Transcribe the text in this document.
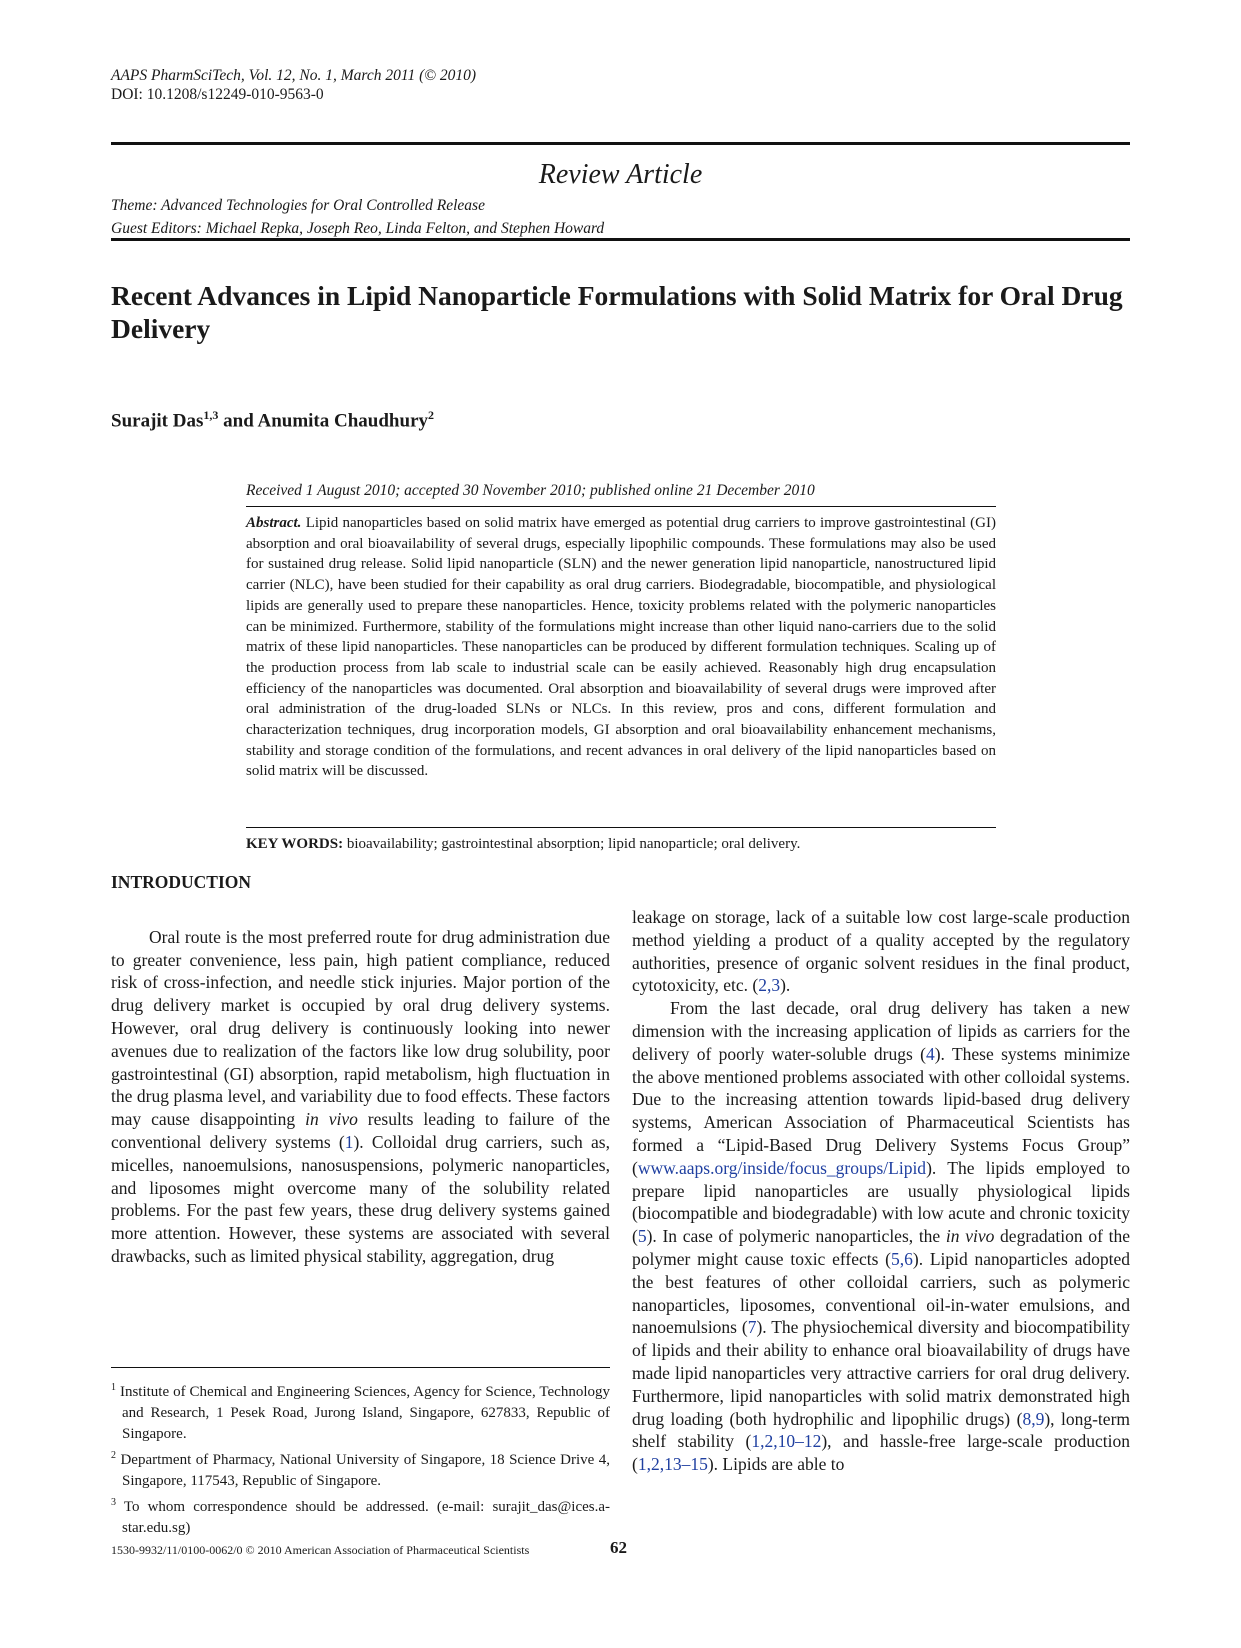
AAPS PharmSciTech, Vol. 12, No. 1, March 2011 (© 2010)
DOI: 10.1208/s12249-010-9563-0
Review Article
Theme: Advanced Technologies for Oral Controlled Release
Guest Editors: Michael Repka, Joseph Reo, Linda Felton, and Stephen Howard
Recent Advances in Lipid Nanoparticle Formulations with Solid Matrix for Oral Drug Delivery
Surajit Das$^{1,3}$ and Anumita Chaudhury$^2$
Received 1 August 2010; accepted 30 November 2010; published online 21 December 2010
Abstract. Lipid nanoparticles based on solid matrix have emerged as potential drug carriers to improve gastrointestinal (GI) absorption and oral bioavailability of several drugs, especially lipophilic compounds. These formulations may also be used for sustained drug release. Solid lipid nanoparticle (SLN) and the newer generation lipid nanoparticle, nanostructured lipid carrier (NLC), have been studied for their capability as oral drug carriers. Biodegradable, biocompatible, and physiological lipids are generally used to prepare these nanoparticles. Hence, toxicity problems related with the polymeric nanoparticles can be minimized. Furthermore, stability of the formulations might increase than other liquid nano-carriers due to the solid matrix of these lipid nanoparticles. These nanoparticles can be produced by different formulation techniques. Scaling up of the production process from lab scale to industrial scale can be easily achieved. Reasonably high drug encapsulation efficiency of the nanoparticles was documented. Oral absorption and bioavailability of several drugs were improved after oral administration of the drug-loaded SLNs or NLCs. In this review, pros and cons, different formulation and characterization techniques, drug incorporation models, GI absorption and oral bioavailability enhancement mechanisms, stability and storage condition of the formulations, and recent advances in oral delivery of the lipid nanoparticles based on solid matrix will be discussed.
KEY WORDS: bioavailability; gastrointestinal absorption; lipid nanoparticle; oral delivery.
INTRODUCTION

Oral route is the most preferred route for drug administration due to greater convenience, less pain, high patient compliance, reduced risk of cross-infection, and needle stick injuries. Major portion of the drug delivery market is occupied by oral drug delivery systems. However, oral drug delivery is continuously looking into newer avenues due to realization of the factors like low drug solubility, poor gastrointestinal (GI) absorption, rapid metabolism, high fluctuation in the drug plasma level, and variability due to food effects. These factors may cause disappointing in vivo results leading to failure of the conventional delivery systems (1). Colloidal drug carriers, such as, micelles, nanoemulsions, nanosuspensions, polymeric nanoparticles, and liposomes might overcome many of the solubility related problems. For the past few years, these drug delivery systems gained more attention. However, these systems are associated with several drawbacks, such as limited physical stability, aggregation, drug

leakage on storage, lack of a suitable low cost large-scale production method yielding a product of a quality accepted by the regulatory authorities, presence of organic solvent residues in the final product, cytotoxicity, etc. (2,3).

From the last decade, oral drug delivery has taken a new dimension with the increasing application of lipids as carriers for the delivery of poorly water-soluble drugs (4). These systems minimize the above mentioned problems associated with other colloidal systems. Due to the increasing attention towards lipid-based drug delivery systems, American Association of Pharmaceutical Scientists has formed a “Lipid-Based Drug Delivery Systems Focus Group” (www.aaps.org/inside/focus_groups/Lipid). The lipids employed to prepare lipid nanoparticles are usually physiological lipids (biocompatible and biodegradable) with low acute and chronic toxicity (5). In case of polymeric nanoparticles, the in vivo degradation of the polymer might cause toxic effects (5,6). Lipid nanoparticles adopted the best features of other colloidal carriers, such as polymeric nanoparticles, liposomes, conventional oil-in-water emulsions, and nanoemulsions (7). The physiochemical diversity and biocompatibility of lipids and their ability to enhance oral bioavailability of drugs have made lipid nanoparticles very attractive carriers for oral drug delivery. Furthermore, lipid nanoparticles with solid matrix demonstrated high drug loading (both hydrophilic and lipophilic drugs) (8,9), long-term shelf stability (1,2,10–12), and hassle-free large-scale production (1,2,13–15). Lipids are able to

$^1$ Institute of Chemical and Engineering Sciences, Agency for Science, Technology and Research, 1 Pesek Road, Jurong Island, Singapore, 627833, Republic of Singapore.

$^2$ Department of Pharmacy, National University of Singapore, 18 Science Drive 4, Singapore, 117543, Republic of Singapore.

$^3$ To whom correspondence should be addressed. (e-mail: surajit_das@ices.a-star.edu.sg)

1530-9932/11/0100-0062/0 © 2010 American Association of Pharmaceutical Scientists	62
